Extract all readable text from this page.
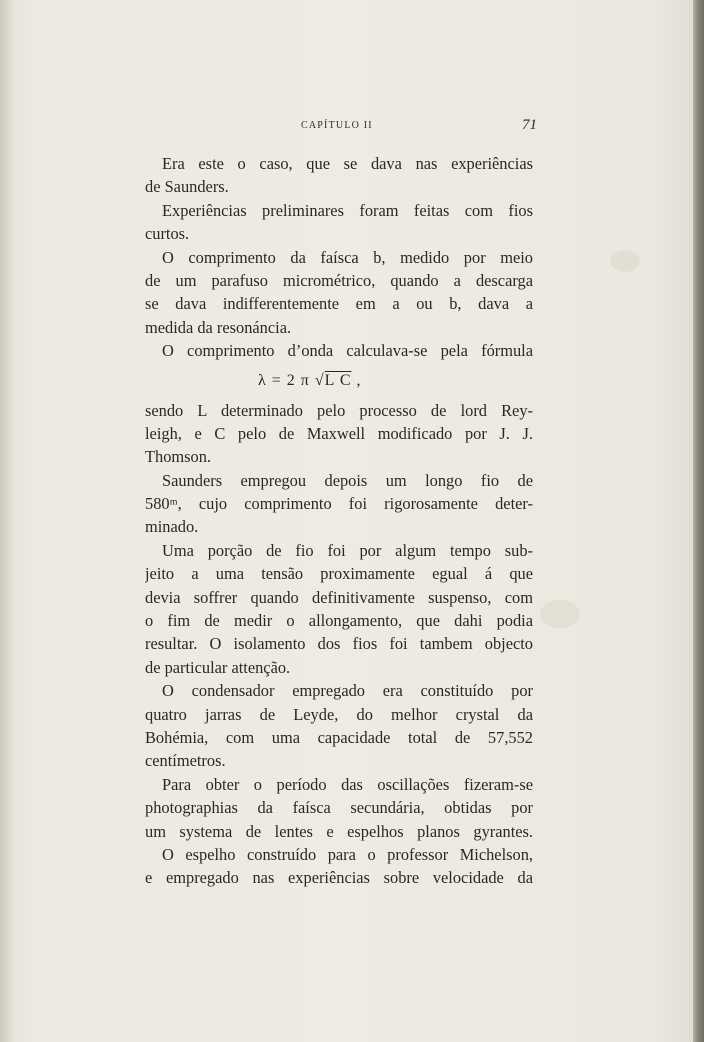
CAPÍTULO II	71
Era este o caso, que se dava nas experiências
de Saunders.
Experiências preliminares foram feitas com fios
curtos.
O comprimento da faísca b, medido por meio
de um parafuso micrométrico, quando a descarga
se dava indifferentemente em a ou b, dava a
medida da resonáncia.
O comprimento d’onda calculava-se pela fórmula
λ = 2 π √L C ,
sendo L determinado pelo processo de lord Rey-
leigh, e C pelo de Maxwell modificado por J. J.
Thomson.
Saunders empregou depois um longo fio de
580ᵐ, cujo comprimento foi rigorosamente deter-
minado.
Uma porção de fio foi por algum tempo sub-
jeito a uma tensão proximamente egual á que
devia soffrer quando definitivamente suspenso, com
o fim de medir o allongamento, que dahi podia
resultar. O isolamento dos fios foi tambem objecto
de particular attenção.
O condensador empregado era constituído por
quatro jarras de Leyde, do melhor crystal da
Bohémia, com uma capacidade total de 57,552
centímetros.
Para obter o período das oscillações fizeram-se
photographias da faísca secundária, obtidas por
um systema de lentes e espelhos planos gyrantes.
O espelho construído para o professor Michelson,
e empregado nas experiências sobre velocidade da
